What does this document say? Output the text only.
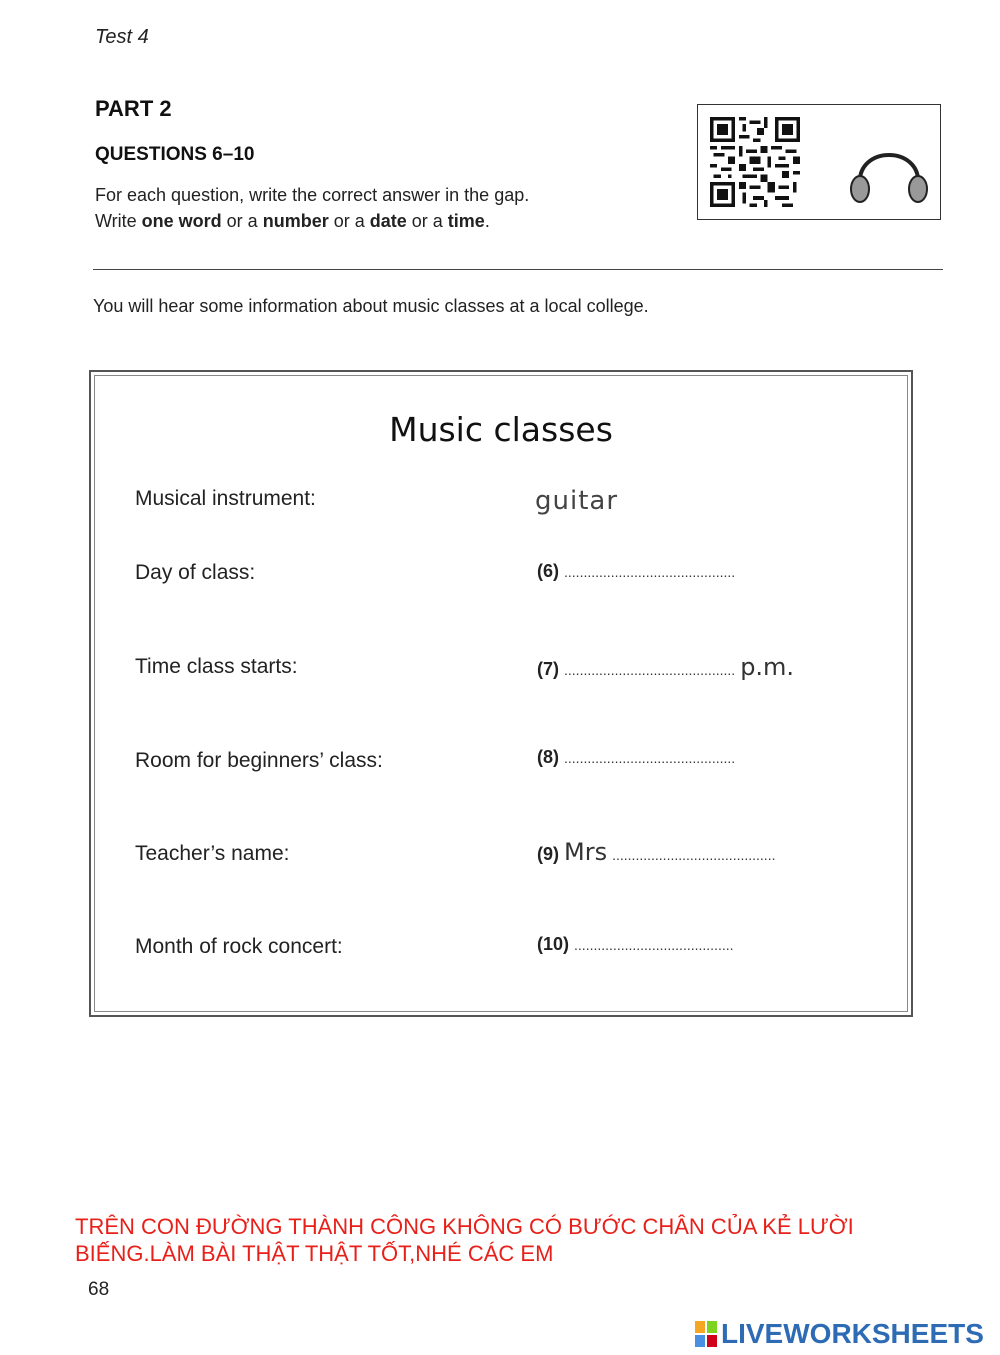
Test 4
PART 2
QUESTIONS 6–10
For each question, write the correct answer in the gap.
Write one word or a number or a date or a time.
You will hear some information about music classes at a local college.
Music classes
Musical instrument:	guitar
Day of class:	(6) ............................................
Time class starts:	(7) ............................................ p.m.
Room for beginners’ class:	(8) ............................................
Teacher’s name:	(9) Mrs ..........................................
Month of rock concert:	(10) .........................................
TRÊN CON ĐƯỜNG THÀNH CÔNG KHÔNG CÓ BƯỚC CHÂN CỦA KẺ LƯỜI
BIẾNG.LÀM BÀI THẬT THẬT TỐT,NHÉ CÁC EM
68
LIVEWORKSHEETS
